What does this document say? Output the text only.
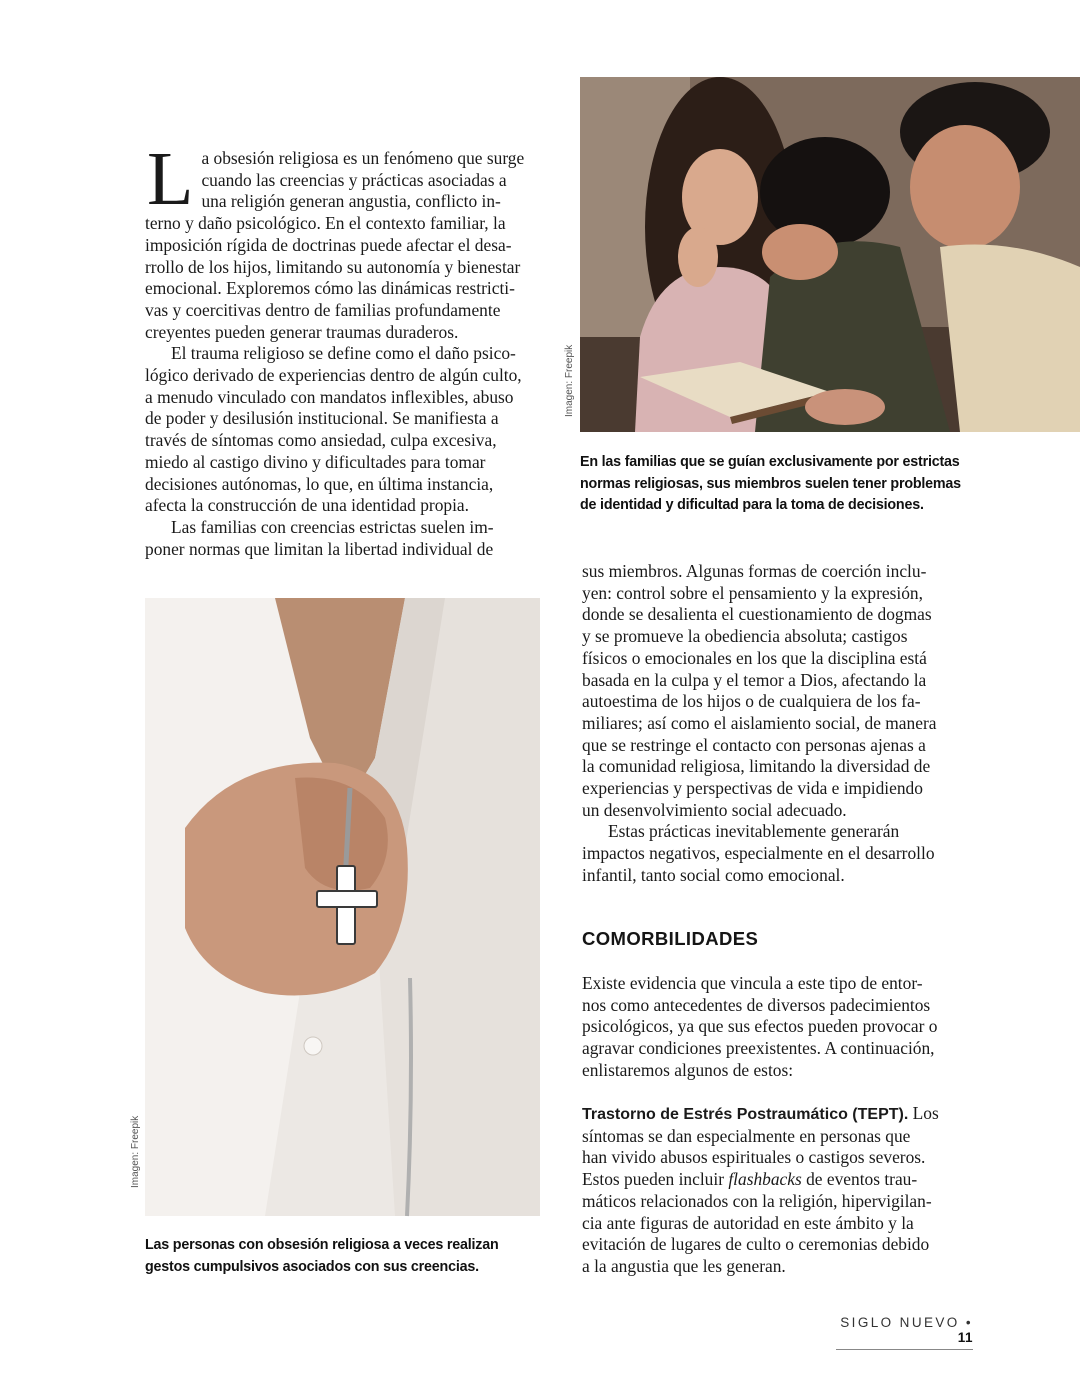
L a obsesión religiosa es un fenómeno que surge
cuando las creencias y prácticas asociadas a
una religión generan angustia, conflicto in-
terno y daño psicológico. En el contexto familiar, la
imposición rígida de doctrinas puede afectar el desa-
rrollo de los hijos, limitando su autonomía y bienestar
emocional. Exploremos cómo las dinámicas restricti-
vas y coercitivas dentro de familias profundamente
creyentes pueden generar traumas duraderos.
El trauma religioso se define como el daño psico-
lógico derivado de experiencias dentro de algún culto,
a menudo vinculado con mandatos inflexibles, abuso
de poder y desilusión institucional. Se manifiesta a
través de síntomas como ansiedad, culpa excesiva,
miedo al castigo divino y dificultades para tomar
decisiones autónomas, lo que, en última instancia,
afecta la construcción de una identidad propia.
Las familias con creencias estrictas suelen im-
poner normas que limitan la libertad individual de
Imagen: Freepik
En las familias que se guían exclusivamente por estrictas
normas religiosas, sus miembros suelen tener problemas
de identidad y dificultad para la toma de decisiones.
Imagen: Freepik
Las personas con obsesión religiosa a veces realizan
gestos cumpulsivos asociados con sus creencias.
sus miembros. Algunas formas de coerción inclu-
yen: control sobre el pensamiento y la expresión,
donde se desalienta el cuestionamiento de dogmas
y se promueve la obediencia absoluta; castigos
físicos o emocionales en los que la disciplina está
basada en la culpa y el temor a Dios, afectando la
autoestima de los hijos o de cualquiera de los fa-
miliares; así como el aislamiento social, de manera
que se restringe el contacto con personas ajenas a
la comunidad religiosa, limitando la diversidad de
experiencias y perspectivas de vida e impidiendo
un desenvolvimiento social adecuado.
Estas prácticas inevitablemente generarán
impactos negativos, especialmente en el desarrollo
infantil, tanto social como emocional.
COMORBILIDADES
Existe evidencia que vincula a este tipo de entor-
nos como antecedentes de diversos padecimientos
psicológicos, ya que sus efectos pueden provocar o
agravar condiciones preexistentes. A continuación,
enlistaremos algunos de estos:
Trastorno de Estrés Postraumático (TEPT). Los
síntomas se dan especialmente en personas que
han vivido abusos espirituales o castigos severos.
Estos pueden incluir flashbacks de eventos trau-
máticos relacionados con la religión, hipervigilan-
cia ante figuras de autoridad en este ámbito y la
evitación de lugares de culto o ceremonias debido
a la angustia que les generan.
SIGLO NUEVO • 11
